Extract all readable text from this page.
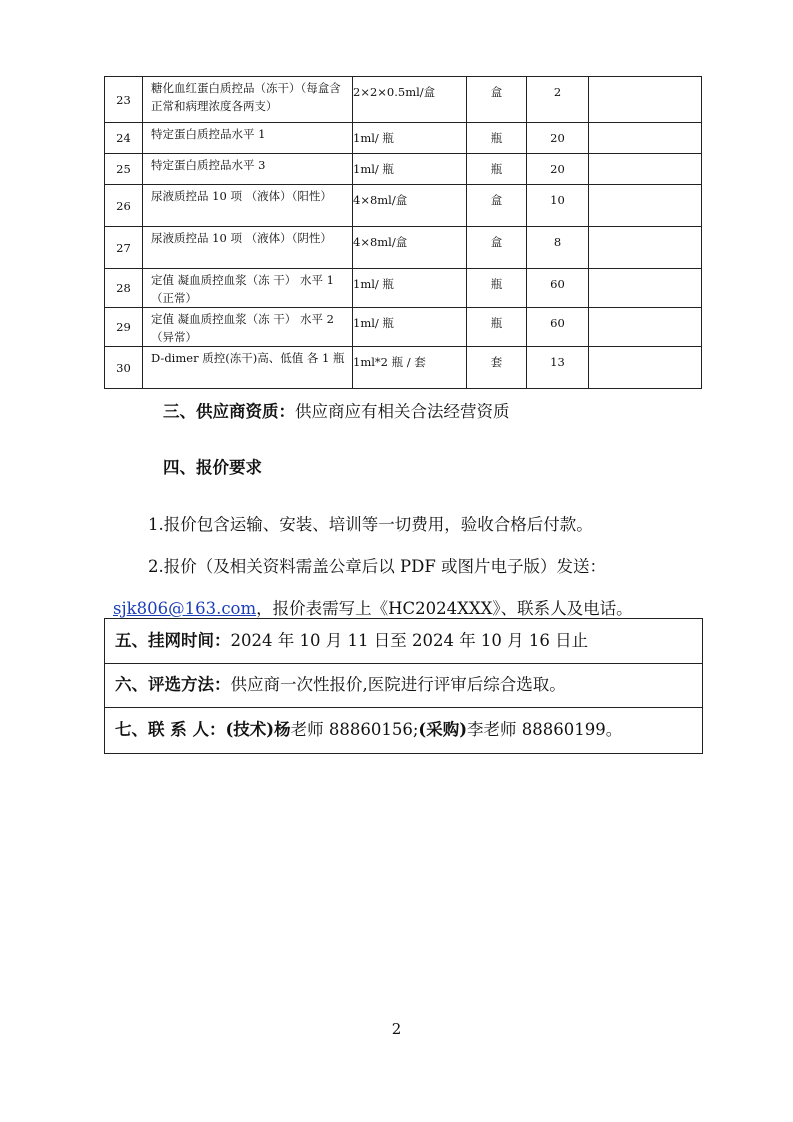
23	糖化血红蛋白质控品（冻干）（每盒含正常和病理浓度各两支）	2×2×0.5ml/盒	盒	2	

24	特定蛋白质控品水平 1	1ml/ 瓶	瓶	20	

25	特定蛋白质控品水平 3	1ml/ 瓶	瓶	20	

26	尿液质控品 10 项 （液体）（阳性）	4×8ml/盒	盒	10	

27	尿液质控品 10 项 （液体）（阴性）	4×8ml/盒	盒	8	

28	定值 凝血质控血浆（冻 干） 水平 1（正常）	1ml/ 瓶	瓶	60	

29	定值 凝血质控血浆（冻 干） 水平 2（异常）	1ml/ 瓶	瓶	60	

30	D-dimer 质控(冻干)高、低值 各 1 瓶	1ml*2 瓶 / 套	套	13	

三、供应商资质：供应商应有相关合法经营资质
四、报价要求
1.报价包含运输、安装、培训等一切费用，验收合格后付款。
2.报价（及相关资料需盖公章后以 PDF 或图片电子版）发送：
sjk806@163.com，报价表需写上《HC2024XXX》、联系人及电话。
五、挂网时间：2024 年 10 月 11 日至 2024 年 10 月 16 日止
六、评选方法：供应商一次性报价,医院进行评审后综合选取。
七、联 系 人：(技术)杨老师 88860156;(采购)李老师 88860199。
2
